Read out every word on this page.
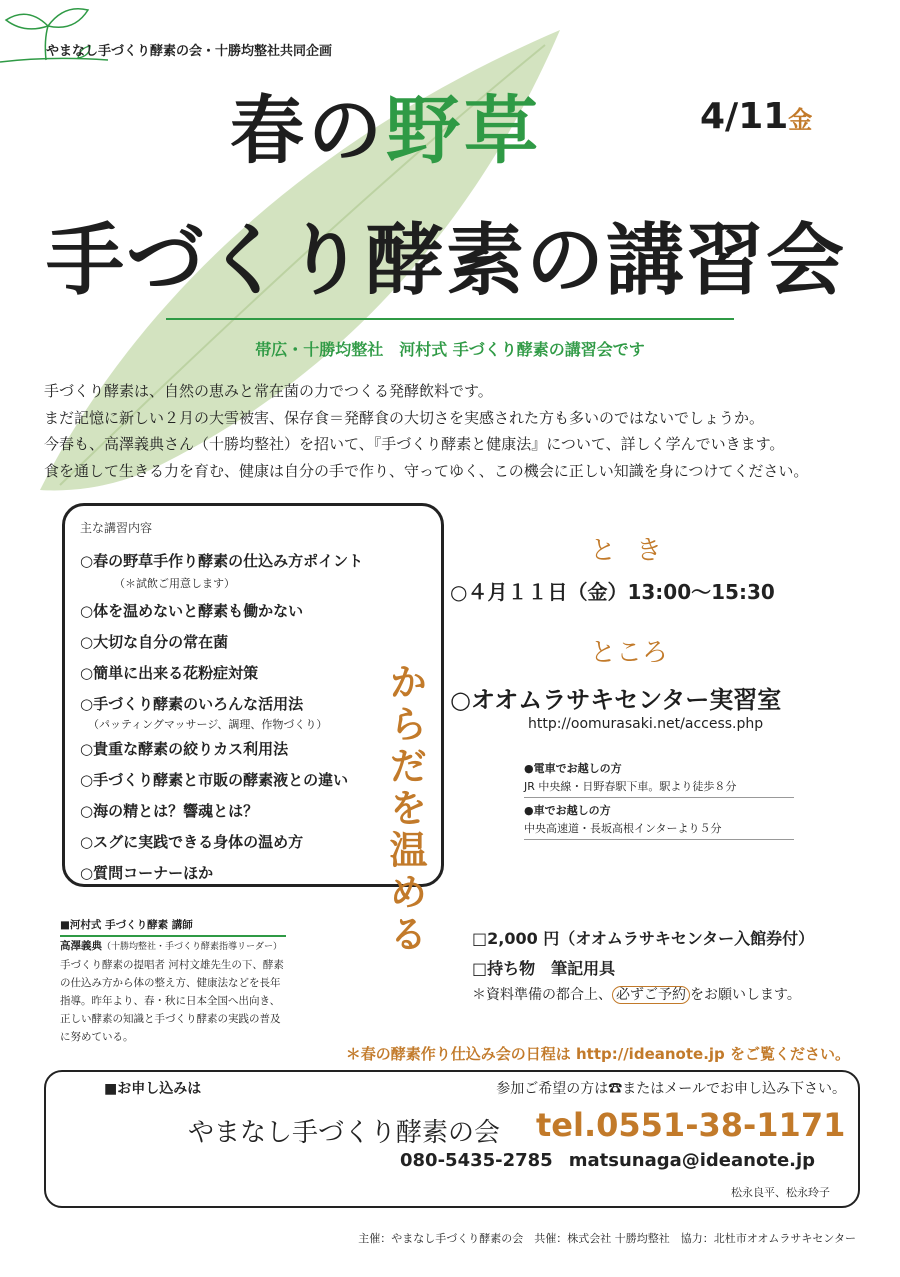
やまなし手づくり酵素の会・十勝均整社共同企画
春の野草	4/11金
手づくり酵素の講習会
帯広・十勝均整社　河村式 手づくり酵素の講習会です

手づくり酵素は、自然の恵みと常在菌の力でつくる発酵飲料です。

まだ記憶に新しい２月の大雪被害、保存食＝発酵食の大切さを実感された方も多いのではないでしょうか。

今春も、高澤義典さん（十勝均整社）を招いて、『手づくり酵素と健康法』について、詳しく学んでいきます。

食を通して生きる力を育む、健康は自分の手で作り、守ってゆく、この機会に正しい知識を身につけてください。

主な講習内容
○春の野草手作り酵素の仕込み方ポイント
（＊試飲ご用意します）
○体を温めないと酵素も働かない
○大切な自分の常在菌
○簡単に出来る花粉症対策
○手づくり酵素のいろんな活用法
（パッティングマッサージ、調理、作物づくり）
○貴重な酵素の絞りカス利用法
○手づくり酵素と市販の酵素液との違い
○海の精とは？響魂とは？
○スグに実践できる身体の温め方
○質問コーナーほか	からだを温める
とき
○４月１１日（金）13:00〜15:30
ところ
○オオムラサキセンター実習室
http://oomurasaki.net/access.php
●電車でお越しの方
JR 中央線・日野春駅下車。駅より徒歩８分
●車でお越しの方
中央高速道・長坂高根インターより５分
■河村式 手づくり酵素 講師
高澤義典（十勝均整社・手づくり酵素指導リーダー）

手づくり酵素の提唱者 河村文雄先生の下、酵素の仕込み方から体の整え方、健康法などを長年指導。昨年より、春・秋に日本全国へ出向き、正しい酵素の知識と手づくり酵素の実践の普及に努めている。

□2,000 円（オオムラサキセンター入館券付）
□持ち物　筆記用具
＊資料準備の都合上、 必ずご予約 をお願いします。
＊春の酵素作り仕込み会の日程は http://ideanote.jp をご覧ください。
■お申し込みは	参加ご希望の方は☎またはメールでお申し込み下さい。
やまなし手づくり酵素の会 tel.0551-38-1171
080-5435-2785 matsunaga@ideanote.jp
松永良平、松永玲子
主催：やまなし手づくり酵素の会　共催：株式会社 十勝均整社　協力：北杜市オオムラサキセンター
